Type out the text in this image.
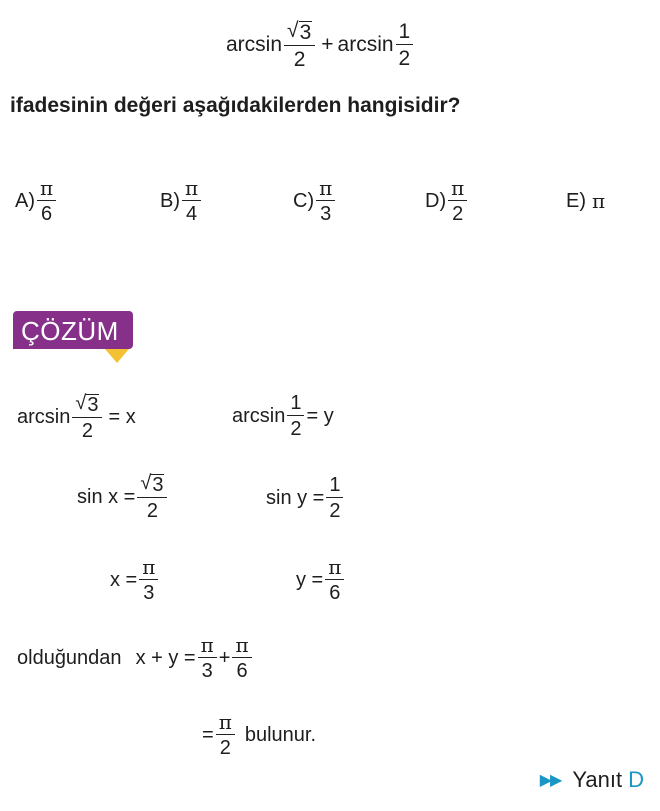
$\arcsin \frac{√ 3}{2} + \arcsin \frac{1}{2}$
ifadesinin değeri aşağıdakilerden hangisidir?
$A) \frac{\pi}{6}$	$B) \frac{\pi}{4}$	$C) \frac{\pi}{3}$	$D) \frac{\pi}{2}$	E) π
ÇÖZÜM
$\arcsin \frac{√ 3}{2} = x$	$\arcsin \frac{1}{2} = y$
$\sin x = \frac{√ 3}{2}$	$\sin y = \frac{1}{2}$
$x = \frac{\pi}{3}$	$y = \frac{\pi}{6}$
olduğundan $x + y = \frac{\pi}{3} + \frac{\pi}{6}$
= $\frac{\pi}{2}$ bulunur.
▶▶ Yanıt D
